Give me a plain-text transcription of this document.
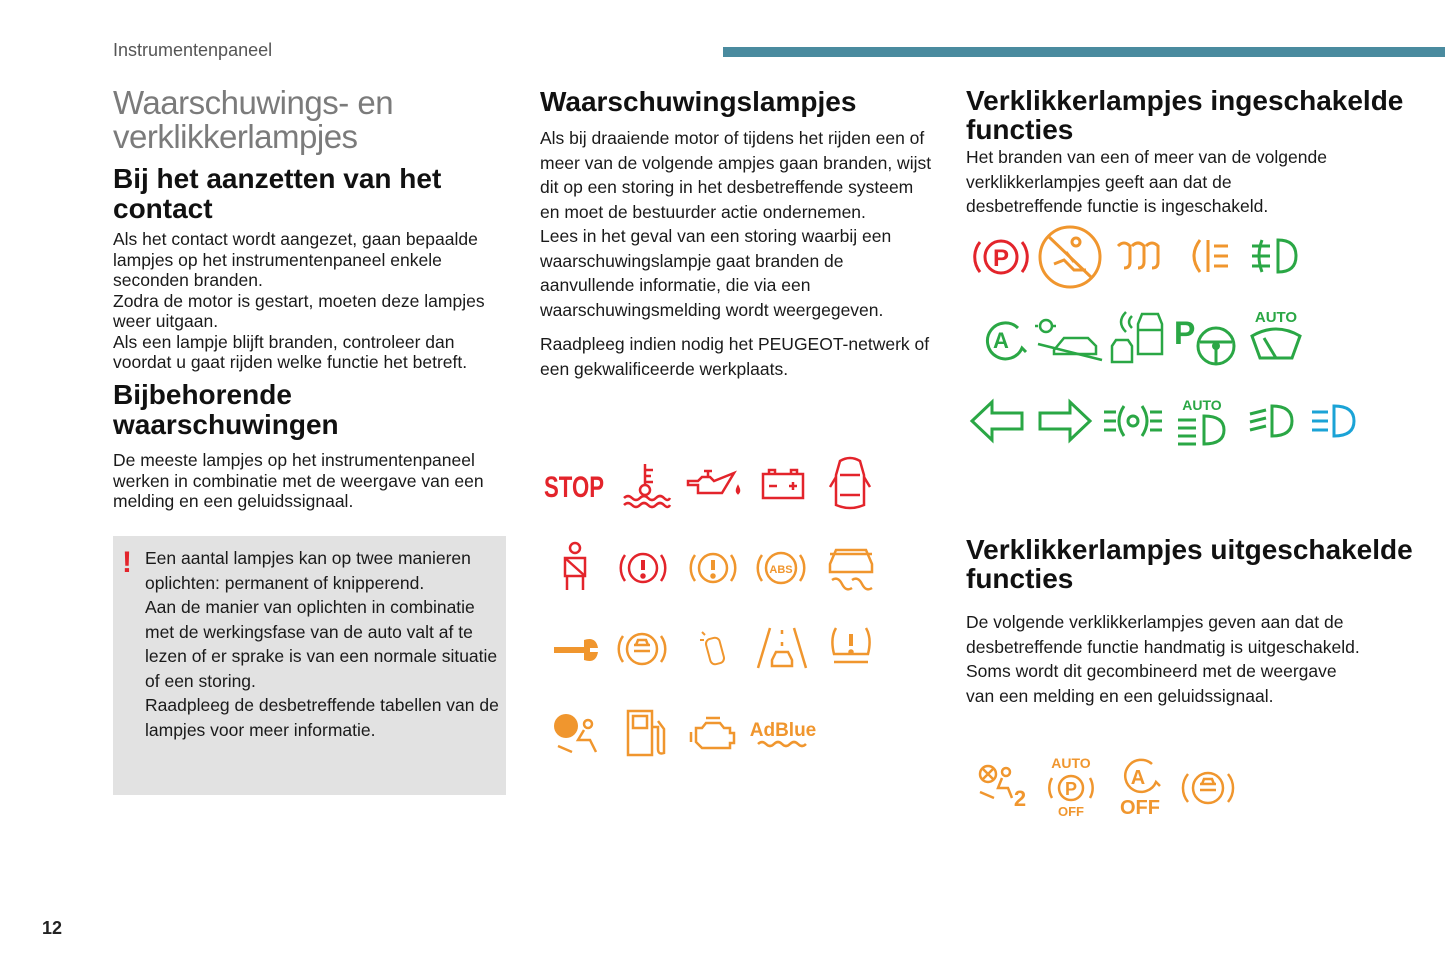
Instrumentenpaneel
Waarschuwings- en verklikkerlampjes
Bij het aanzetten van het contact
Als het contact wordt aangezet, gaan bepaalde lampjes op het instrumentenpaneel enkele seconden branden.
Zodra de motor is gestart, moeten deze lampjes weer uitgaan.
Als een lampje blijft branden, controleer dan voordat u gaat rijden welke functie het betreft.
Bijbehorende waarschuwingen
De meeste lampjes op het instrumentenpaneel werken in combinatie met de weergave van een melding en een geluidssignaal.
! Een aantal lampjes kan op twee manieren oplichten: permanent of knipperend.
Aan de manier van oplichten in combinatie met de werkingsfase van de auto valt af te lezen of er sprake is van een normale situatie of een storing.
Raadpleeg de desbetreffende tabellen van de lampjes voor meer informatie.
Waarschuwingslampjes
Als bij draaiende motor of tijdens het rijden een of meer van de volgende ampjes gaan branden, wijst dit op een storing in het desbetreffende systeem en moet de bestuurder actie ondernemen.
Lees in het geval van een storing waarbij een waarschuwingslampje gaat branden de aanvullende informatie, die via een waarschuwingsmelding wordt weergegeven.
Raadpleeg indien nodig het PEUGEOT-netwerk of een gekwalificeerde werkplaats.
STOP
ABS
AdBlue
Verklikkerlampjes ingeschakelde functies
Het branden van een of meer van de volgende verklikkerlampjes geeft aan dat de desbetreffende functie is ingeschakeld.
P
A	P	AUTO
AUTO
Verklikkerlampjes uitgeschakelde functies
De volgende verklikkerlampjes geven aan dat de desbetreffende functie handmatig is uitgeschakeld.
Soms wordt dit gecombineerd met de weergave van een melding en een geluidssignaal.
2
AUTO
P
OFF
A
OFF
12
